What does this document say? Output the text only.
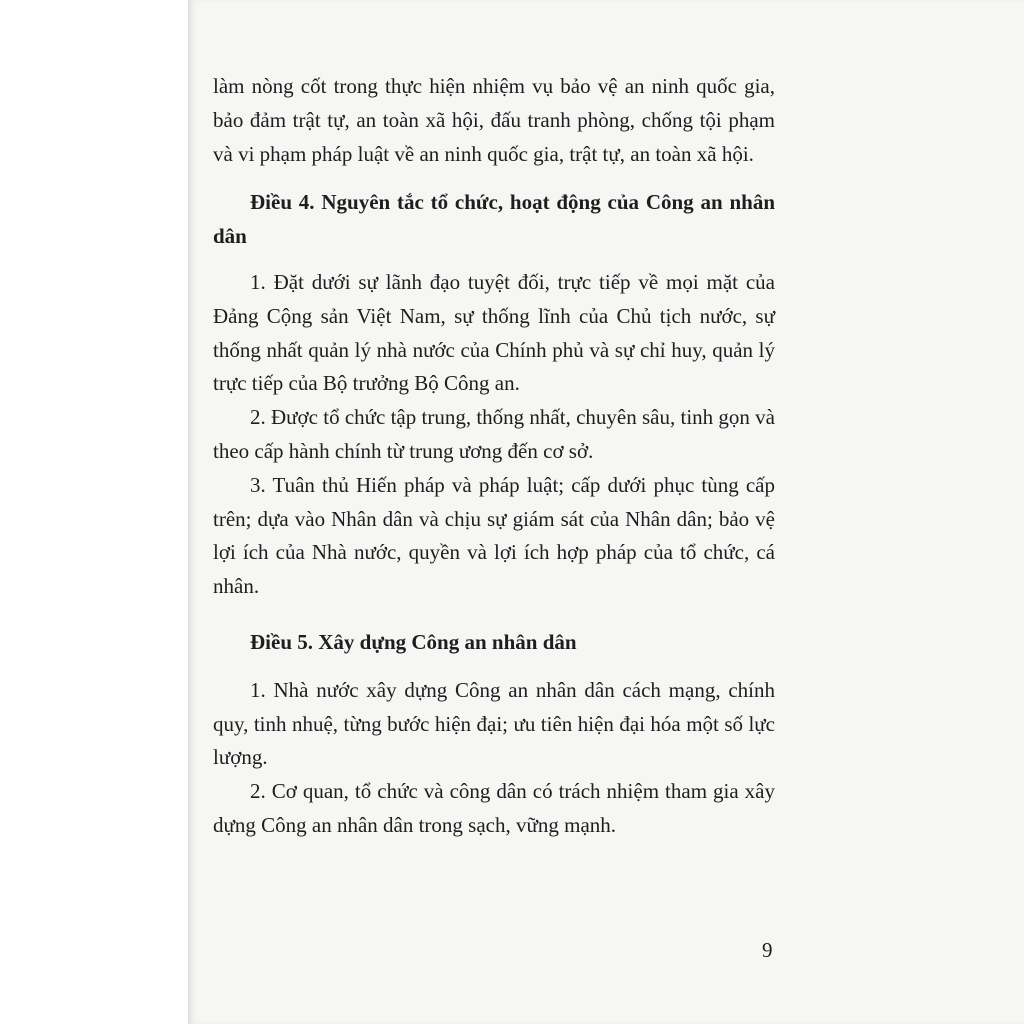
làm nòng cốt trong thực hiện nhiệm vụ bảo vệ an ninh quốc gia, bảo đảm trật tự, an toàn xã hội, đấu tranh phòng, chống tội phạm và vi phạm pháp luật về an ninh quốc gia, trật tự, an toàn xã hội.

Điều 4. Nguyên tắc tổ chức, hoạt động của Công an nhân dân

1. Đặt dưới sự lãnh đạo tuyệt đối, trực tiếp về mọi mặt của Đảng Cộng sản Việt Nam, sự thống lĩnh của Chủ tịch nước, sự thống nhất quản lý nhà nước của Chính phủ và sự chỉ huy, quản lý trực tiếp của Bộ trưởng Bộ Công an.

2. Được tổ chức tập trung, thống nhất, chuyên sâu, tinh gọn và theo cấp hành chính từ trung ương đến cơ sở.

3. Tuân thủ Hiến pháp và pháp luật; cấp dưới phục tùng cấp trên; dựa vào Nhân dân và chịu sự giám sát của Nhân dân; bảo vệ lợi ích của Nhà nước, quyền và lợi ích hợp pháp của tổ chức, cá nhân.

Điều 5. Xây dựng Công an nhân dân

1. Nhà nước xây dựng Công an nhân dân cách mạng, chính quy, tinh nhuệ, từng bước hiện đại; ưu tiên hiện đại hóa một số lực lượng.

2. Cơ quan, tổ chức và công dân có trách nhiệm tham gia xây dựng Công an nhân dân trong sạch, vững mạnh.

9
